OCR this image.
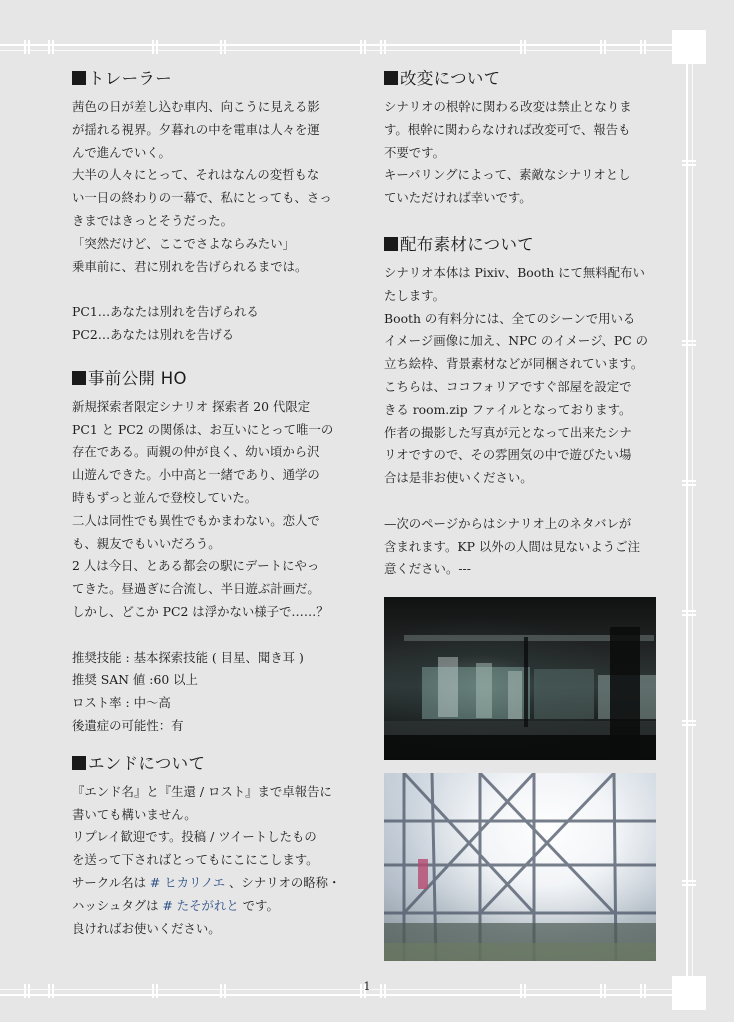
トレーラー

茜色の日が差し込む車内、向こうに見える影

が揺れる視界。夕暮れの中を電車は人々を運

んで進んでいく。

大半の人々にとって、それはなんの変哲もな

い一日の終わりの一幕で、私にとっても、さっ

きまではきっとそうだった。

「突然だけど、ここでさよならみたい」

乗車前に、君に別れを告げられるまでは。

PC1…あなたは別れを告げられる

PC2…あなたは別れを告げる

事前公開 HO

新規探索者限定シナリオ 探索者 20 代限定

PC1 と PC2 の関係は、お互いにとって唯一の

存在である。両親の仲が良く、幼い頃から沢

山遊んできた。小中高と一緒であり、通学の

時もずっと並んで登校していた。

二人は同性でも異性でもかまわない。恋人で

も、親友でもいいだろう。

2 人は今日、とある都会の駅にデートにやっ

てきた。昼過ぎに合流し、半日遊ぶ計画だ。

しかし、どこか PC2 は浮かない様子で……？

推奨技能 : 基本探索技能 ( 目星、聞き耳 )

推奨 SAN 値 :60 以上

ロスト率 : 中～高

後遺症の可能性：有

エンドについて

『エンド名』と『生還 / ロスト』まで卓報告に

書いても構いません。

リプレイ歓迎です。投稿 / ツイートしたもの

を送って下さればとってもにこにこします。

サークル名は # ヒカリノエ 、シナリオの略称・

ハッシュタグは # たそがれと です。

良ければお使いください。

改変について

シナリオの根幹に関わる改変は禁止となりま

す。根幹に関わらなければ改変可で、報告も

不要です。

キーパリングによって、素敵なシナリオとし

ていただければ幸いです。

配布素材について

シナリオ本体は Pixiv、Booth にて無料配布い

たします。

Booth の有料分には、全てのシーンで用いる

イメージ画像に加え、NPC のイメージ、PC の

立ち絵枠、背景素材などが同梱されています。

こちらは、ココフォリアですぐ部屋を設定で

きる room.zip ファイルとなっております。

作者の撮影した写真が元となって出来たシナ

リオですので、その雰囲気の中で遊びたい場

合は是非お使いください。

—次のページからはシナリオ上のネタバレが

含まれます。KP 以外の人間は見ないようご注

意ください。---

1
